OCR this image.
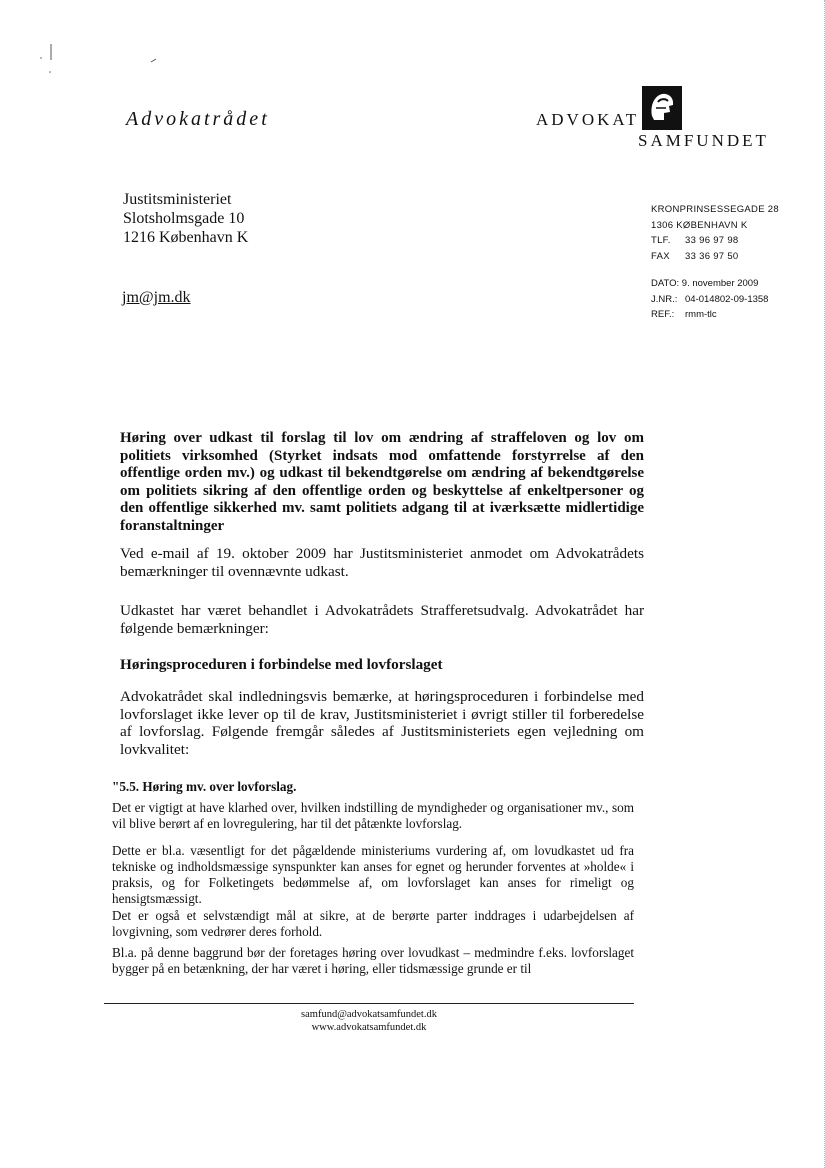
Advokatrådet	ADVOKAT
SAMFUNDET
Justitsministeriet
Slotsholmsgade 10
1216 København K
jm@jm.dk
KRONPRINSESSEGADE 28
1306 KØBENHAVN K
TLF. 33 96 97 98
FAX 33 36 97 50
DATO: 9. november 2009
J.NR.: 04-014802-09-1358
REF.: rmm-tlc
Høring over udkast til forslag til lov om ændring af straffeloven og lov om politiets virksomhed (Styrket indsats mod omfattende forstyrrelse af den offentlige orden mv.) og udkast til bekendtgørelse om ændring af bekendtgørelse om politiets sikring af den offentlige orden og beskyttelse af enkeltpersoner og den offentlige sikkerhed mv. samt politiets adgang til at iværksætte midlertidige foranstaltninger
Ved e-mail af 19. oktober 2009 har Justitsministeriet anmodet om Advokatrådets bemærkninger til ovennævnte udkast.
Udkastet har været behandlet i Advokatrådets Strafferetsudvalg. Advokatrådet har følgende bemærkninger:
Høringsproceduren i forbindelse med lovforslaget
Advokatrådet skal indledningsvis bemærke, at høringsproceduren i forbindelse med lovforslaget ikke lever op til de krav, Justitsministeriet i øvrigt stiller til forberedelse af lovforslag. Følgende fremgår således af Justitsministeriets egen vejledning om lovkvalitet:
"5.5. Høring mv. over lovforslag.
Det er vigtigt at have klarhed over, hvilken indstilling de myndigheder og organisationer mv., som vil blive berørt af en lovregulering, har til det påtænkte lovforslag.
Dette er bl.a. væsentligt for det pågældende ministeriums vurdering af, om lovudkastet ud fra tekniske og indholdsmæssige synspunkter kan anses for egnet og herunder forventes at »holde« i praksis, og for Folketingets bedømmelse af, om lovforslaget kan anses for rimeligt og hensigtsmæssigt.
Det er også et selvstændigt mål at sikre, at de berørte parter inddrages i udarbejdelsen af lovgivning, som vedrører deres forhold.
Bl.a. på denne baggrund bør der foretages høring over lovudkast – medmindre f.eks. lovforslaget bygger på en betænkning, der har været i høring, eller tidsmæssige grunde er til
samfund@advokatsamfundet.dk
www.advokatsamfundet.dk
